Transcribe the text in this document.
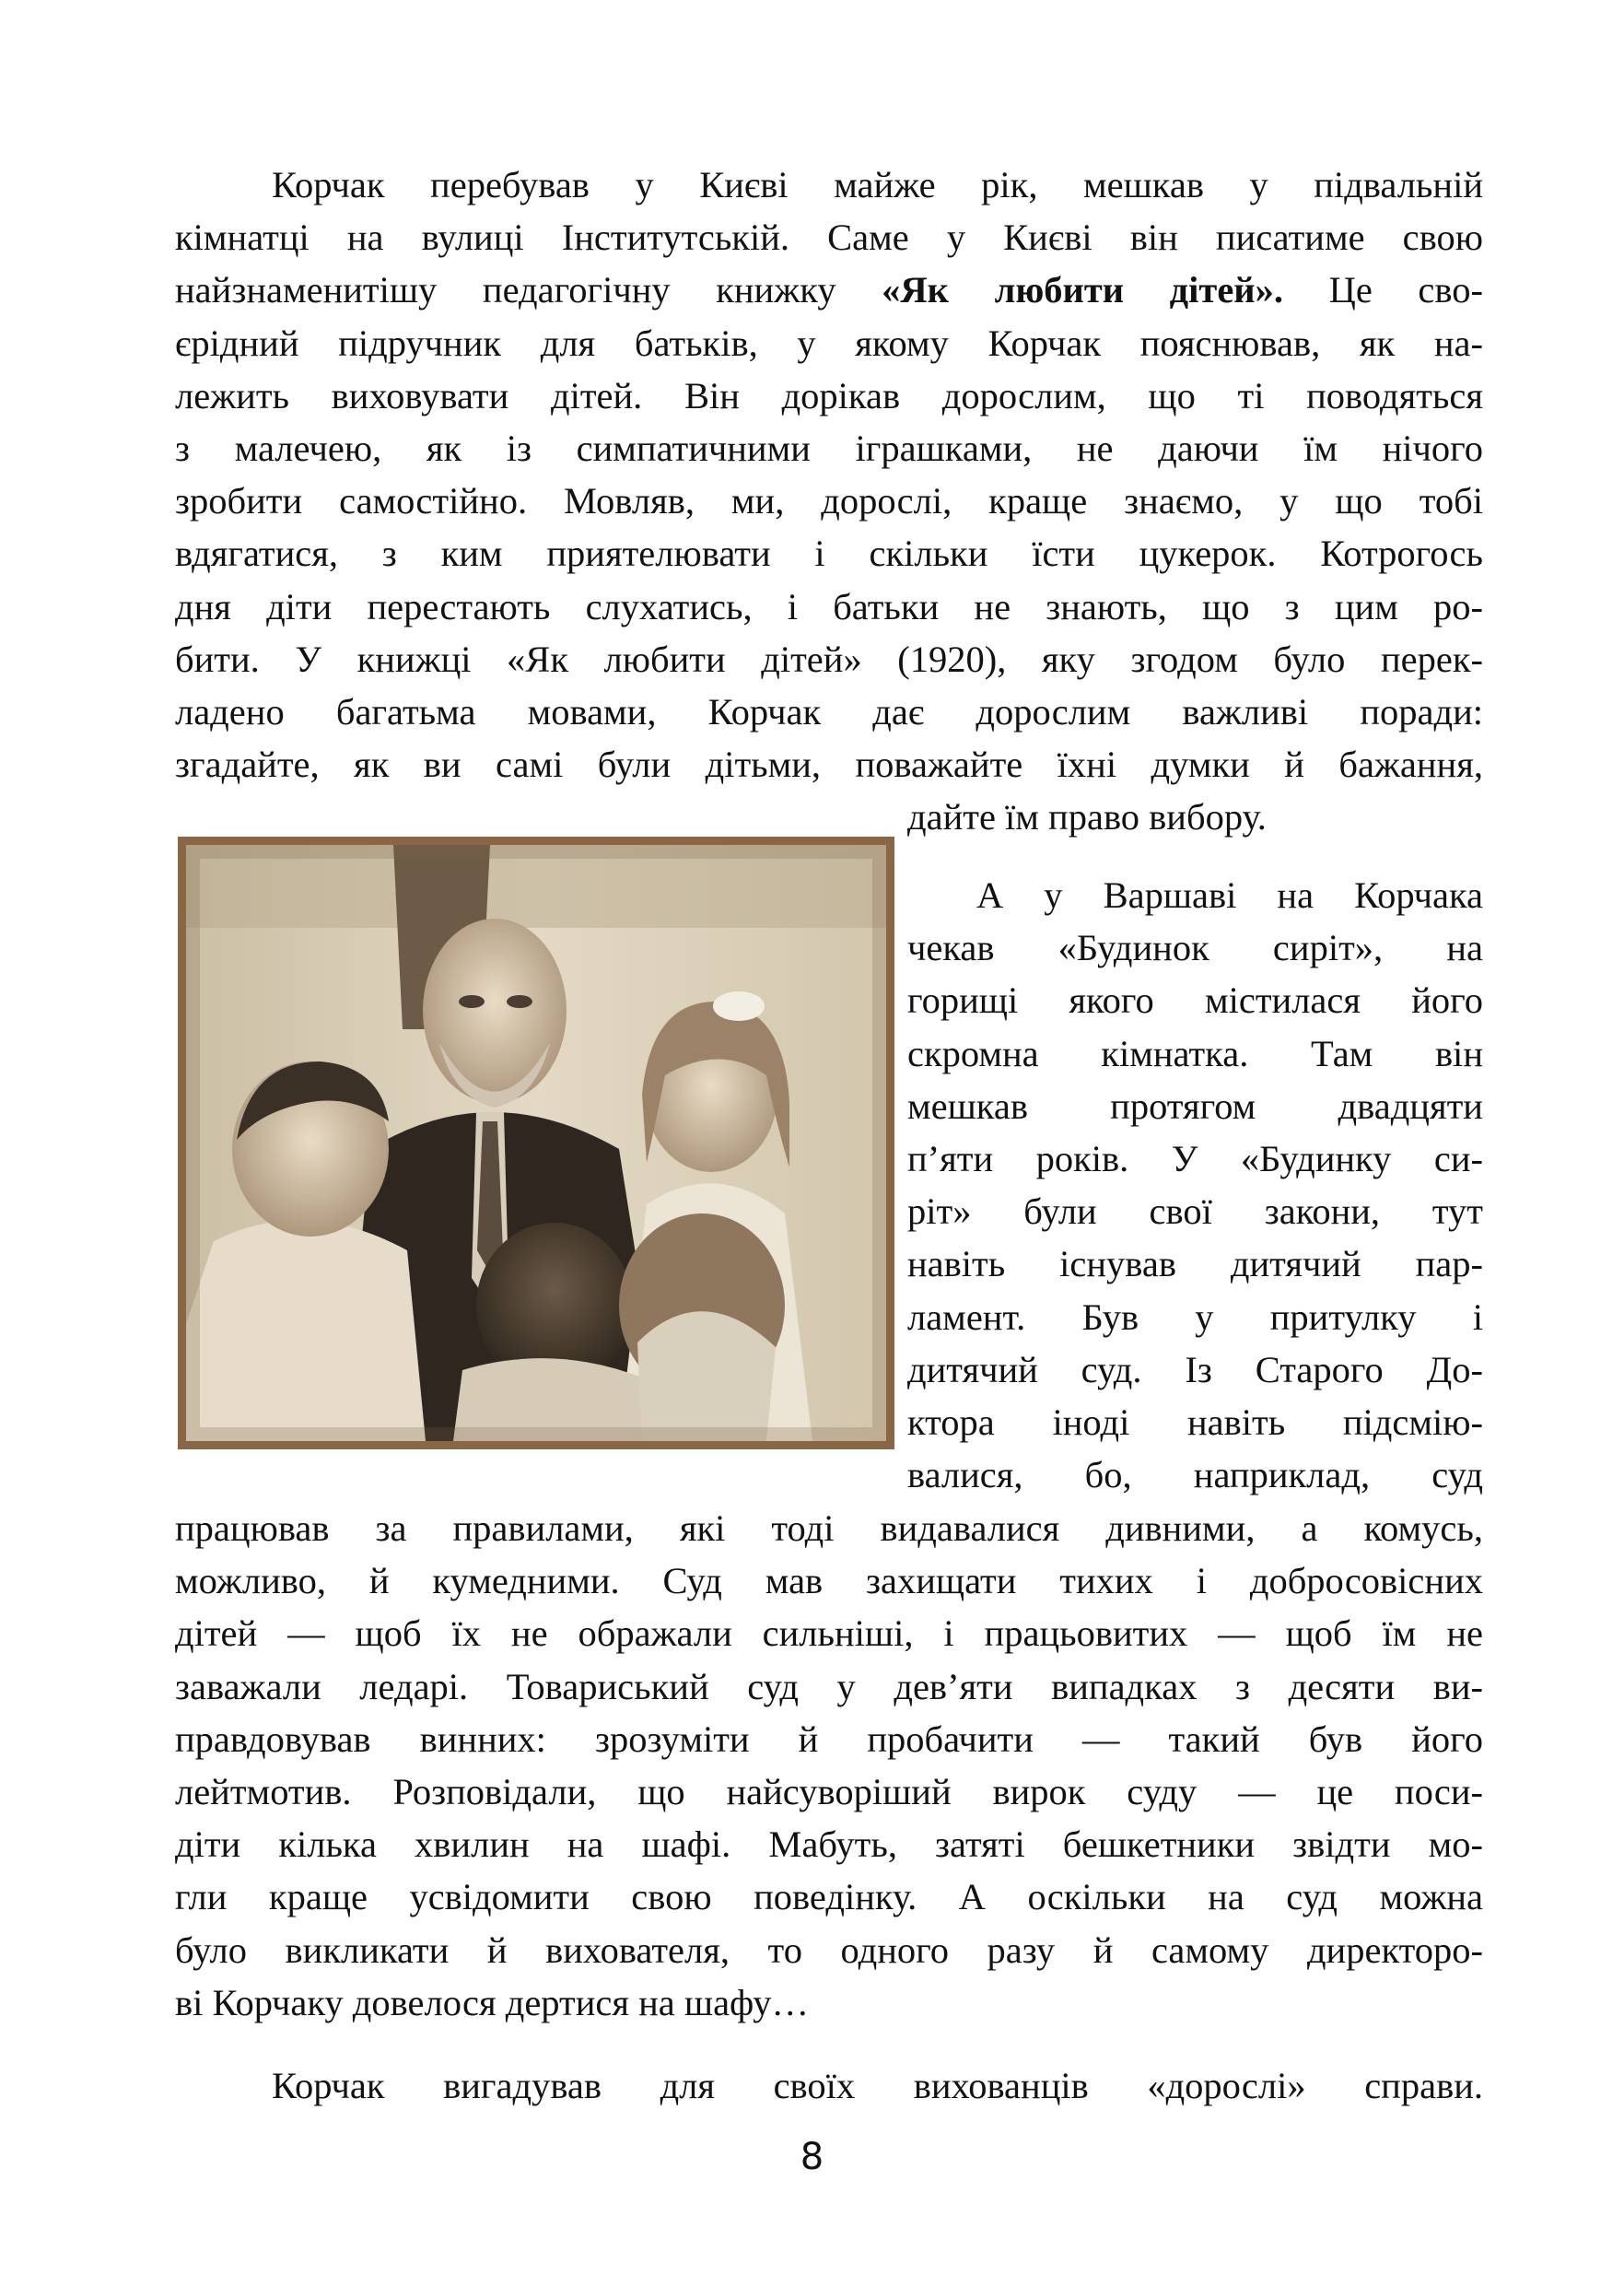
Корчак перебував у Києві майже рік, мешкав у підвальній
кімнатці на вулиці Інститутській. Саме у Києві він писатиме свою
найзнаменитішу педагогічну книжку «Як любити дітей». Це сво-
єрідний підручник для батьків, у якому Корчак пояснював, як на-
лежить виховувати дітей. Він дорікав дорослим, що ті поводяться
з малечею, як із симпатичними іграшками, не даючи їм нічого
зробити самостійно. Мовляв, ми, дорослі, краще знаємо, у що тобі
вдягатися, з ким приятелювати і скільки їсти цукерок. Котрогось
дня діти перестають слухатись, і батьки не знають, що з цим ро-
бити. У книжці «Як любити дітей» (1920), яку згодом було перек-
ладено багатьма мовами, Корчак дає дорослим важливі поради:
згадайте, як ви самі були дітьми, поважайте їхні думки й бажання,
дайте їм право вибору.
А у Варшаві на Корчака
чекав «Будинок сиріт», на
горищі якого містилася його
скромна кімнатка. Там він
мешкав протягом двадцяти
п’яти років. У «Будинку си-
ріт» були свої закони, тут
навіть існував дитячий пар-
ламент. Був у притулку і
дитячий суд. Із Старого До-
ктора іноді навіть підсмію-
валися, бо, наприклад, суд
працював за правилами, які тоді видавалися дивними, а комусь,
можливо, й кумедними. Суд мав захищати тихих і добросовісних
дітей — щоб їх не ображали сильніші, і працьовитих — щоб їм не
заважали ледарі. Товариський суд у дев’яти випадках з десяти ви-
правдовував винних: зрозуміти й пробачити — такий був його
лейтмотив. Розповідали, що найсуворіший вирок суду — це поси-
діти кілька хвилин на шафі. Мабуть, затяті бешкетники звідти мо-
гли краще усвідомити свою поведінку. А оскільки на суд можна
було викликати й вихователя, то одного разу й самому директоро-
ві Корчаку довелося дертися на шафу…
Корчак вигадував для своїх вихованців «дорослі» справи.
8
